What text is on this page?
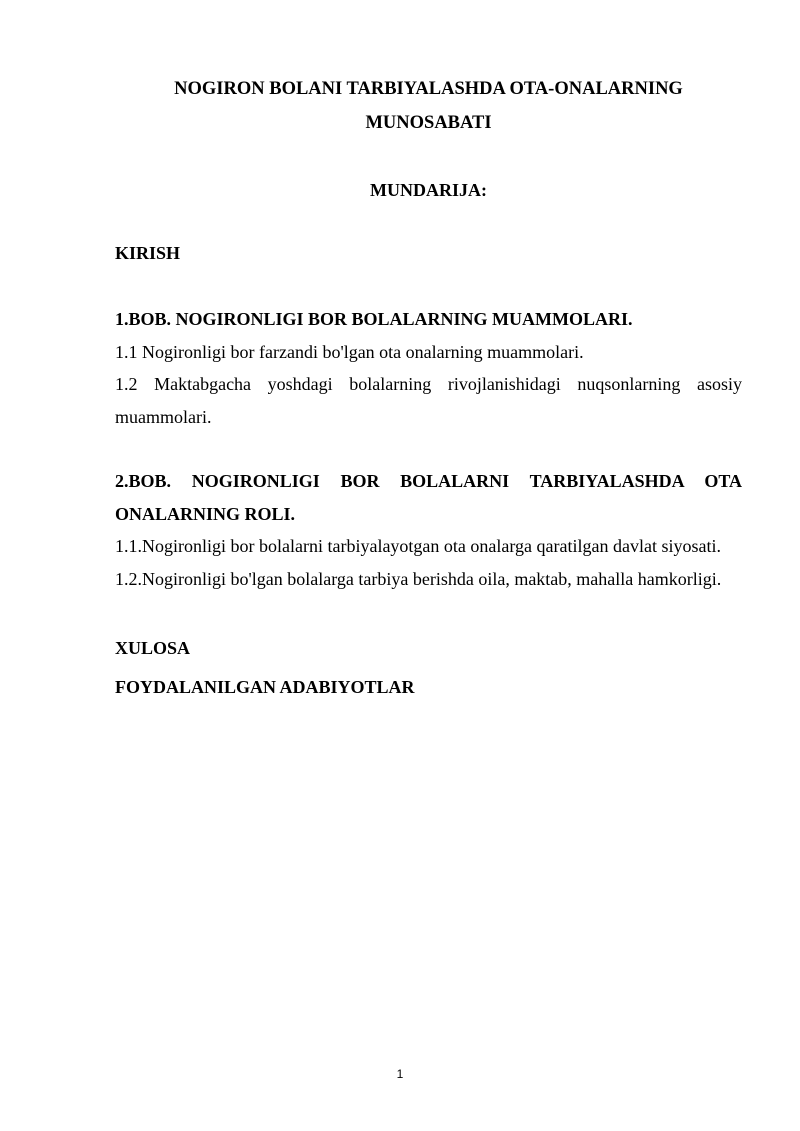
NOGIRON BOLANI TARBIYALASHDA OTA-ONALARNING

MUNOSABATI

MUNDARIJA:

KIRISH

1.BOB. NOGIRONLIGI BOR BOLALARNING MUAMMOLARI.

1.1 Nogironligi bor farzandi bo'lgan ota onalarning muammolari.

1.2 Maktabgacha yoshdagi bolalarning rivojlanishidagi nuqsonlarning asosiy

muammolari.

2.BOB. NOGIRONLIGI BOR BOLALARNI TARBIYALASHDA OTA

ONALARNING ROLI.

1.1.Nogironligi bor bolalarni tarbiyalayotgan ota onalarga qaratilgan davlat siyosati.

1.2.Nogironligi bo'lgan bolalarga tarbiya berishda oila, maktab, mahalla hamkorligi.

XULOSA

FOYDALANILGAN ADABIYOTLAR

1
